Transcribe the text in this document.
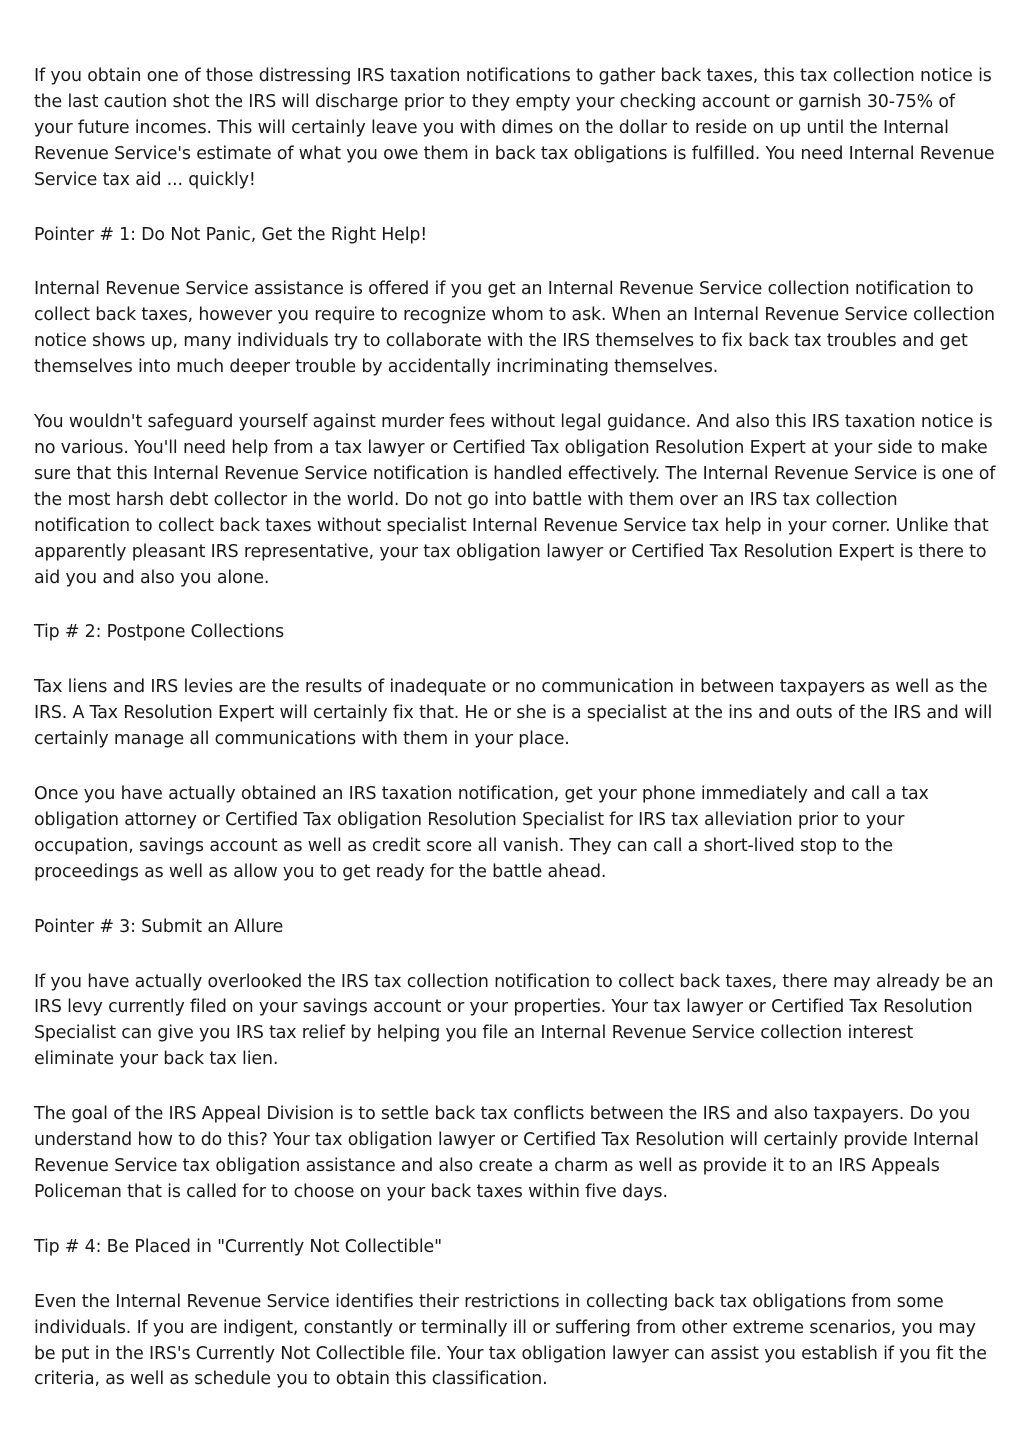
If you obtain one of those distressing IRS taxation notifications to gather back taxes, this tax collection notice is the last caution shot the IRS will discharge prior to they empty your checking account or garnish 30-75% of your future incomes. This will certainly leave you with dimes on the dollar to reside on up until the Internal Revenue Service's estimate of what you owe them in back tax obligations is fulfilled. You need Internal Revenue Service tax aid ... quickly!

Pointer # 1: Do Not Panic, Get the Right Help!

Internal Revenue Service assistance is offered if you get an Internal Revenue Service collection notification to collect back taxes, however you require to recognize whom to ask. When an Internal Revenue Service collection notice shows up, many individuals try to collaborate with the IRS themselves to fix back tax troubles and get themselves into much deeper trouble by accidentally incriminating themselves.

You wouldn't safeguard yourself against murder fees without legal guidance. And also this IRS taxation notice is no various. You'll need help from a tax lawyer or Certified Tax obligation Resolution Expert at your side to make sure that this Internal Revenue Service notification is handled effectively. The Internal Revenue Service is one of the most harsh debt collector in the world. Do not go into battle with them over an IRS tax collection notification to collect back taxes without specialist Internal Revenue Service tax help in your corner. Unlike that apparently pleasant IRS representative, your tax obligation lawyer or Certified Tax Resolution Expert is there to aid you and also you alone.

Tip # 2: Postpone Collections

Tax liens and IRS levies are the results of inadequate or no communication in between taxpayers as well as the IRS. A Tax Resolution Expert will certainly fix that. He or she is a specialist at the ins and outs of the IRS and will certainly manage all communications with them in your place.

Once you have actually obtained an IRS taxation notification, get your phone immediately and call a tax obligation attorney or Certified Tax obligation Resolution Specialist for IRS tax alleviation prior to your occupation, savings account as well as credit score all vanish. They can call a short-lived stop to the proceedings as well as allow you to get ready for the battle ahead.

Pointer # 3: Submit an Allure

If you have actually overlooked the IRS tax collection notification to collect back taxes, there may already be an IRS levy currently filed on your savings account or your properties. Your tax lawyer or Certified Tax Resolution Specialist can give you IRS tax relief by helping you file an Internal Revenue Service collection interest eliminate your back tax lien.

The goal of the IRS Appeal Division is to settle back tax conflicts between the IRS and also taxpayers. Do you understand how to do this? Your tax obligation lawyer or Certified Tax Resolution will certainly provide Internal Revenue Service tax obligation assistance and also create a charm as well as provide it to an IRS Appeals Policeman that is called for to choose on your back taxes within five days.

Tip # 4: Be Placed in "Currently Not Collectible"

Even the Internal Revenue Service identifies their restrictions in collecting back tax obligations from some individuals. If you are indigent, constantly or terminally ill or suffering from other extreme scenarios, you may be put in the IRS's Currently Not Collectible file. Your tax obligation lawyer can assist you establish if you fit the criteria, as well as schedule you to obtain this classification.
